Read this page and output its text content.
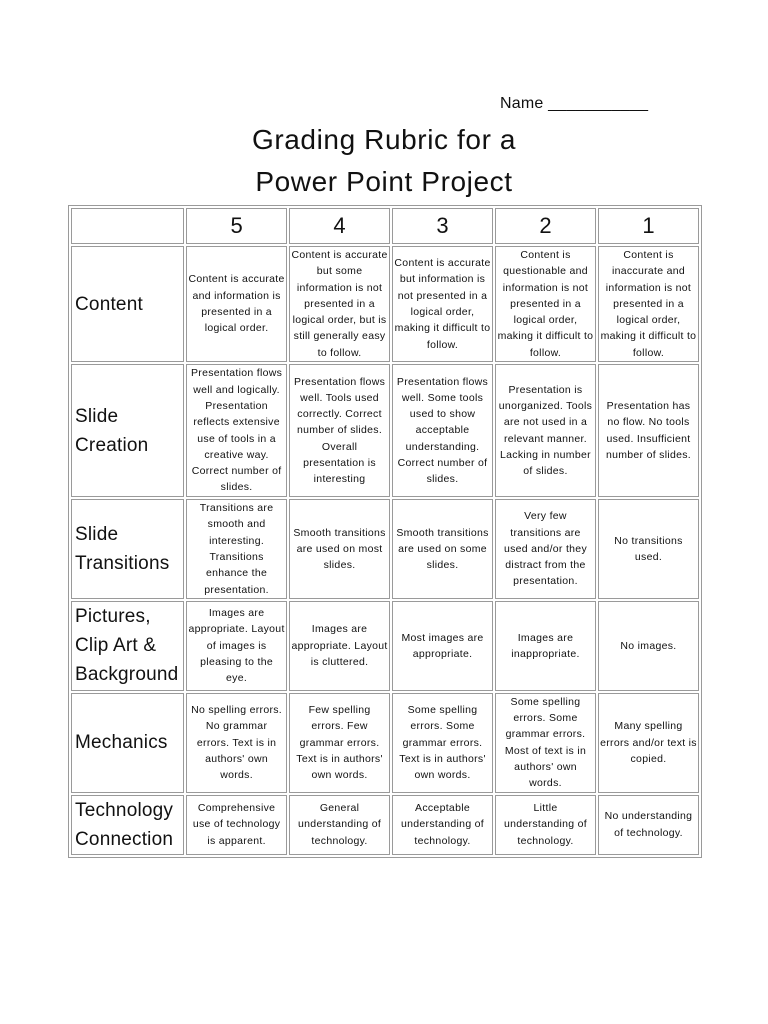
Name ___________
Grading Rubric for a
Power Point Project
	5	4	3	2	1
Content	Content is accurate and information is presented in a logical order.	Content is accurate but some information is not presented in a logical order, but is still generally easy to follow.	Content is accurate but information is not presented in a logical order, making it difficult to follow.	Content is questionable and information is not presented in a logical order, making it difficult to follow.	Content is inaccurate and information is not presented in a logical order, making it difficult to follow.
Slide Creation	Presentation flows well and logically. Presentation reflects extensive use of tools in a creative way. Correct number of slides.	Presentation flows well. Tools used correctly. Correct number of slides. Overall presentation is interesting	Presentation flows well. Some tools used to show acceptable understanding. Correct number of slides.	Presentation is unorganized. Tools are not used in a relevant manner. Lacking in number of slides.	Presentation has no flow. No tools used. Insufficient number of slides.
Slide Transitions	Transitions are smooth and interesting. Transitions enhance the presentation.	Smooth transitions are used on most slides.	Smooth transitions are used on some slides.	Very few transitions are used and/or they distract from the presentation.	No transitions used.
Pictures, Clip Art & Background	Images are appropriate. Layout of images is pleasing to the eye.	Images are appropriate. Layout is cluttered.	Most images are appropriate.	Images are inappropriate.	No images.
Mechanics	No spelling errors. No grammar errors. Text is in authors' own words.	Few spelling errors. Few grammar errors. Text is in authors' own words.	Some spelling errors. Some grammar errors. Text is in authors' own words.	Some spelling errors. Some grammar errors. Most of text is in authors' own words.	Many spelling errors and/or text is copied.
Technology Connection	Comprehensive use of technology is apparent.	General understanding of technology.	Acceptable understanding of technology.	Little understanding of technology.	No understanding of technology.
